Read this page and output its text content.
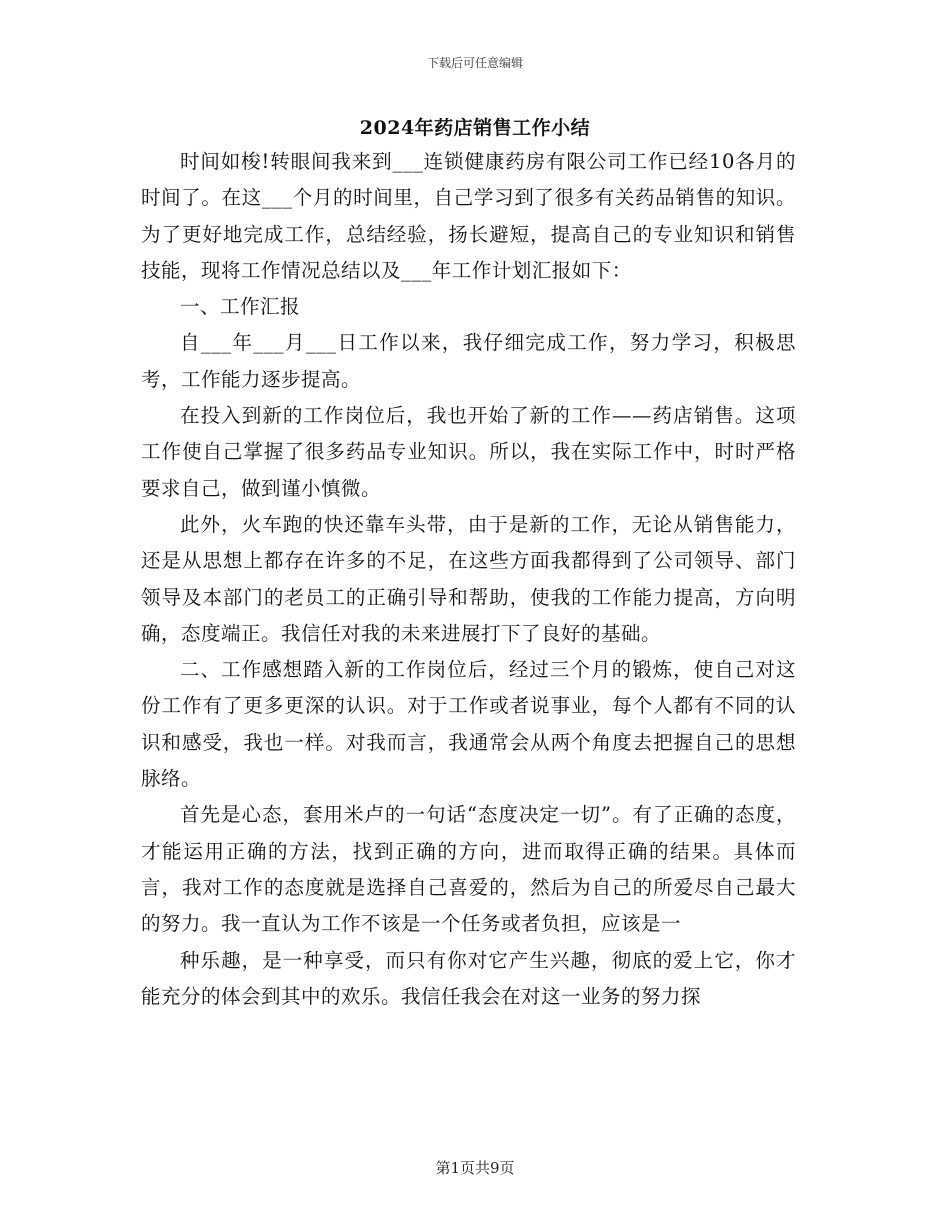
下载后可任意编辑
2024年药店销售工作小结

时间如梭!转眼间我来到___连锁健康药房有限公司工作已经10各月的时间了。在这___个月的时间里，自己学习到了很多有关药品销售的知识。为了更好地完成工作，总结经验，扬长避短，提高自己的专业知识和销售技能，现将工作情况总结以及___年工作计划汇报如下：

一、工作汇报

自___年___月___日工作以来，我仔细完成工作，努力学习，积极思考，工作能力逐步提高。

在投入到新的工作岗位后，我也开始了新的工作——药店销售。这项工作使自己掌握了很多药品专业知识。所以，我在实际工作中，时时严格要求自己，做到谨小慎微。

此外，火车跑的快还靠车头带，由于是新的工作，无论从销售能力，还是从思想上都存在许多的不足，在这些方面我都得到了公司领导、部门领导及本部门的老员工的正确引导和帮助，使我的工作能力提高，方向明确，态度端正。我信任对我的未来进展打下了良好的基础。

二、工作感想踏入新的工作岗位后，经过三个月的锻炼，使自己对这份工作有了更多更深的认识。对于工作或者说事业，每个人都有不同的认识和感受，我也一样。对我而言，我通常会从两个角度去把握自己的思想脉络。

首先是心态，套用米卢的一句话“态度决定一切”。有了正确的态度，才能运用正确的方法，找到正确的方向，进而取得正确的结果。具体而言，我对工作的态度就是选择自己喜爱的，然后为自己的所爱尽自己最大的努力。我一直认为工作不该是一个任务或者负担，应该是一

种乐趣，是一种享受，而只有你对它产生兴趣，彻底的爱上它，你才能充分的体会到其中的欢乐。我信任我会在对这一业务的努力探

第1页共9页
